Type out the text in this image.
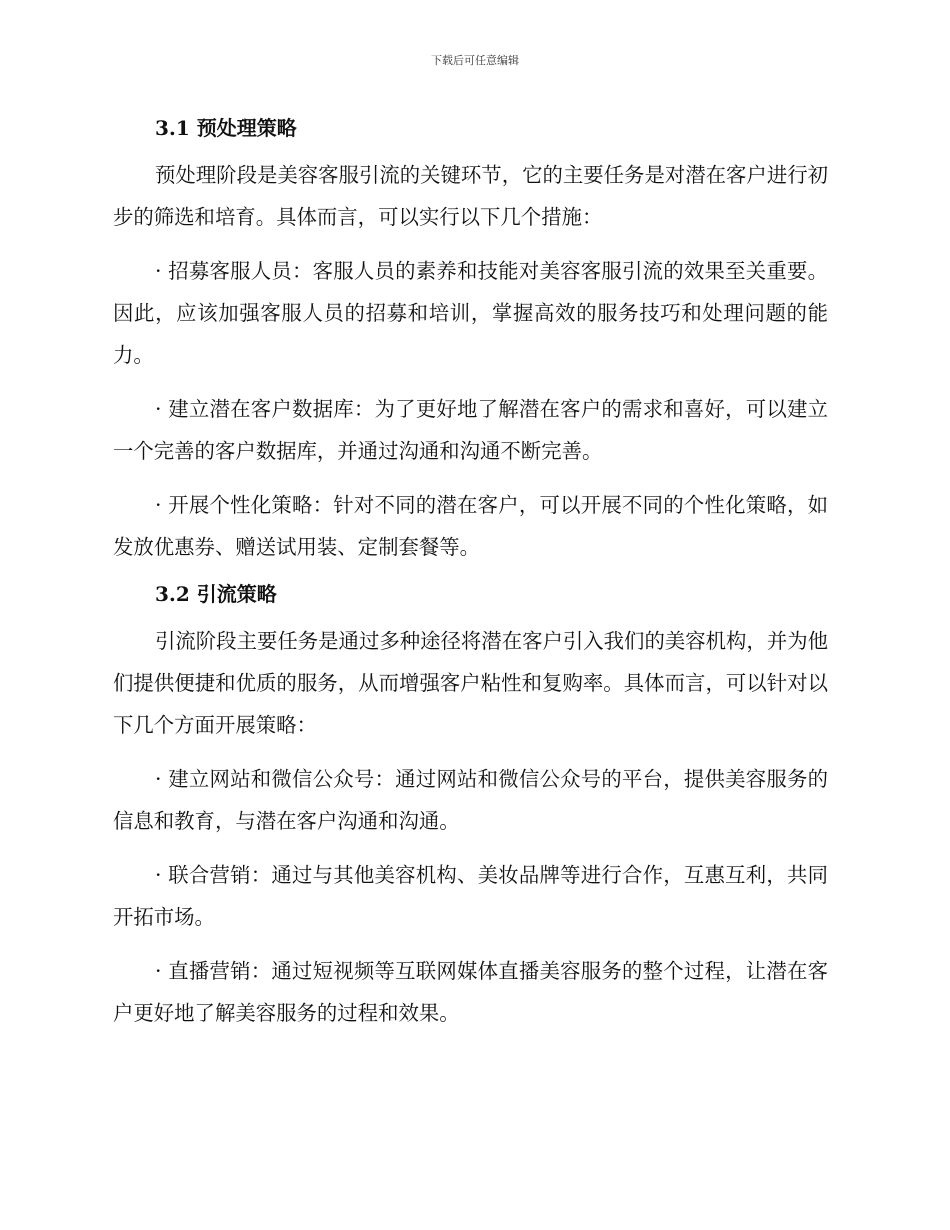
下载后可任意编辑
3.1 预处理策略

预处理阶段是美容客服引流的关键环节，它的主要任务是对潜在客户进行初步的筛选和培育。具体而言，可以实行以下几个措施：

· 招募客服人员：客服人员的素养和技能对美容客服引流的效果至关重要。因此，应该加强客服人员的招募和培训，掌握高效的服务技巧和处理问题的能力。

· 建立潜在客户数据库：为了更好地了解潜在客户的需求和喜好，可以建立一个完善的客户数据库，并通过沟通和沟通不断完善。

· 开展个性化策略：针对不同的潜在客户，可以开展不同的个性化策略，如发放优惠券、赠送试用装、定制套餐等。

3.2 引流策略

引流阶段主要任务是通过多种途径将潜在客户引入我们的美容机构，并为他们提供便捷和优质的服务，从而增强客户粘性和复购率。具体而言，可以针对以下几个方面开展策略：

· 建立网站和微信公众号：通过网站和微信公众号的平台，提供美容服务的信息和教育，与潜在客户沟通和沟通。

· 联合营销：通过与其他美容机构、美妆品牌等进行合作，互惠互利，共同开拓市场。

· 直播营销：通过短视频等互联网媒体直播美容服务的整个过程，让潜在客户更好地了解美容服务的过程和效果。
